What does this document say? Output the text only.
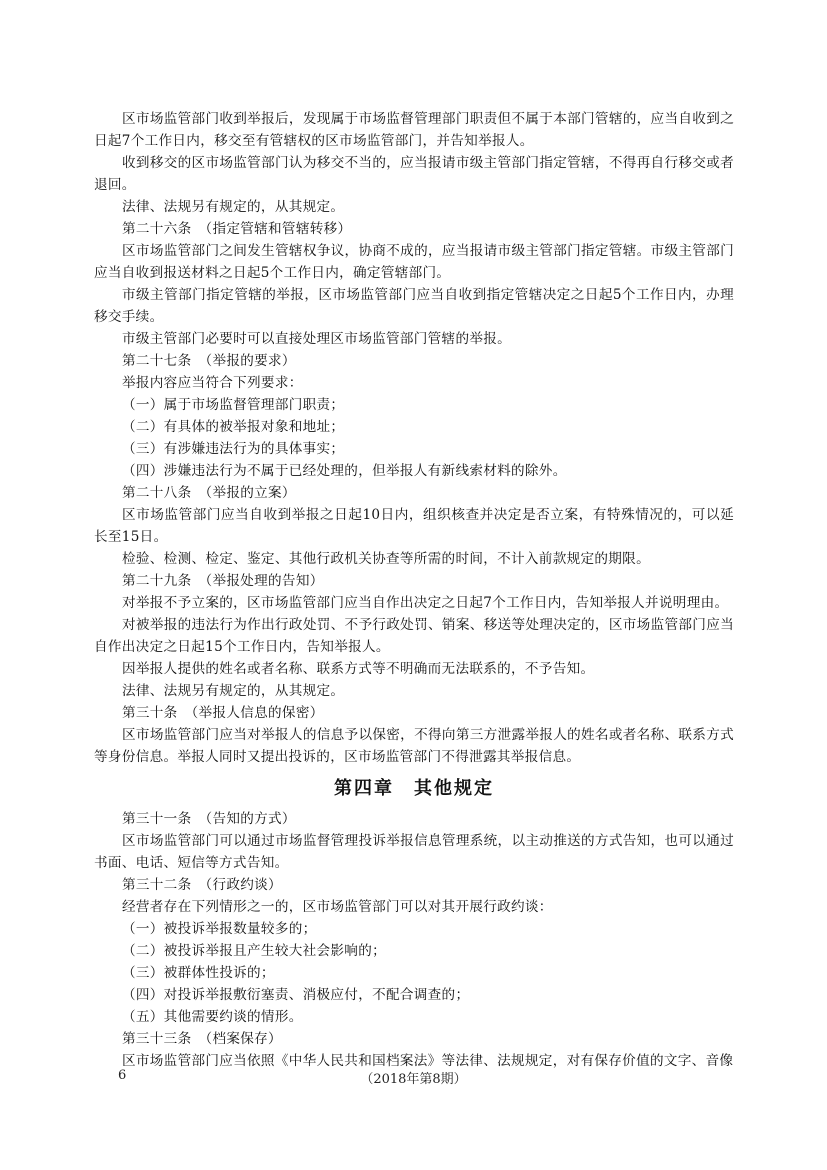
区市场监管部门收到举报后，发现属于市场监督管理部门职责但不属于本部门管辖的，应当自收到之日起7个工作日内，移交至有管辖权的区市场监管部门，并告知举报人。

收到移交的区市场监管部门认为移交不当的，应当报请市级主管部门指定管辖，不得再自行移交或者退回。

法律、法规另有规定的，从其规定。

第二十六条　（指定管辖和管辖转移）

区市场监管部门之间发生管辖权争议，协商不成的，应当报请市级主管部门指定管辖。市级主管部门应当自收到报送材料之日起5个工作日内，确定管辖部门。

市级主管部门指定管辖的举报，区市场监管部门应当自收到指定管辖决定之日起5个工作日内，办理移交手续。

市级主管部门必要时可以直接处理区市场监管部门管辖的举报。

第二十七条　（举报的要求）

举报内容应当符合下列要求：

（一）属于市场监督管理部门职责；

（二）有具体的被举报对象和地址；

（三）有涉嫌违法行为的具体事实；

（四）涉嫌违法行为不属于已经处理的，但举报人有新线索材料的除外。

第二十八条　（举报的立案）

区市场监管部门应当自收到举报之日起10日内，组织核查并决定是否立案，有特殊情况的，可以延长至15日。

检验、检测、检定、鉴定、其他行政机关协查等所需的时间，不计入前款规定的期限。

第二十九条　（举报处理的告知）

对举报不予立案的，区市场监管部门应当自作出决定之日起7个工作日内，告知举报人并说明理由。

对被举报的违法行为作出行政处罚、不予行政处罚、销案、移送等处理决定的，区市场监管部门应当自作出决定之日起15个工作日内，告知举报人。

因举报人提供的姓名或者名称、联系方式等不明确而无法联系的，不予告知。

法律、法规另有规定的，从其规定。

第三十条　（举报人信息的保密）

区市场监管部门应当对举报人的信息予以保密，不得向第三方泄露举报人的姓名或者名称、联系方式等身份信息。举报人同时又提出投诉的，区市场监管部门不得泄露其举报信息。

第四章　其他规定

第三十一条　（告知的方式）

区市场监管部门可以通过市场监督管理投诉举报信息管理系统，以主动推送的方式告知，也可以通过书面、电话、短信等方式告知。

第三十二条　（行政约谈）

经营者存在下列情形之一的，区市场监管部门可以对其开展行政约谈：

（一）被投诉举报数量较多的；

（二）被投诉举报且产生较大社会影响的；

（三）被群体性投诉的；

（四）对投诉举报敷衍塞责、消极应付，不配合调查的；

（五）其他需要约谈的情形。

第三十三条　（档案保存）

区市场监管部门应当依照《中华人民共和国档案法》等法律、法规规定，对有保存价值的文字、音像

6	（2018年第8期）
